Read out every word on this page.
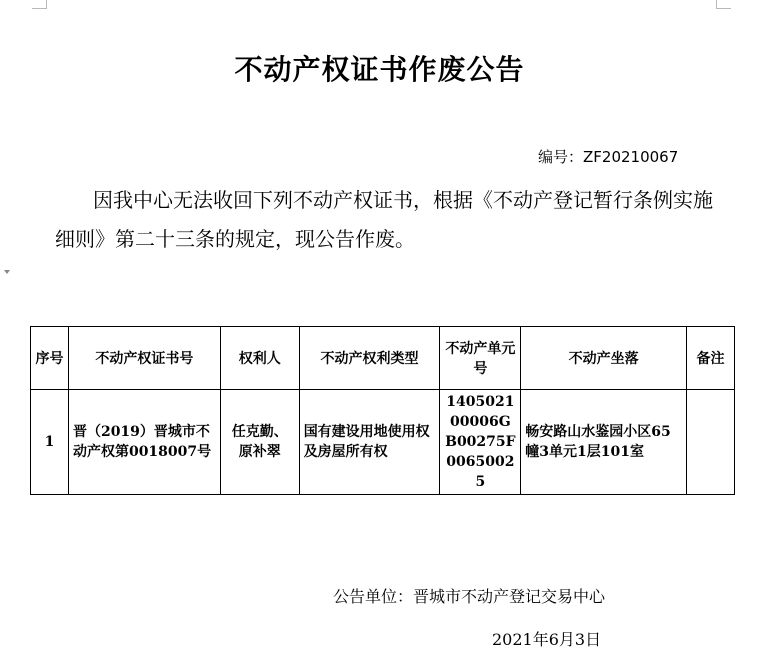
不动产权证书作废公告
编号：ZF20210067
因我中心无法收回下列不动产权证书，根据《不动产登记暂行条例实施细则》第二十三条的规定，现公告作废。
序号	不动产权证书号	权利人	不动产权利类型	不动产单元号	不动产坐落	备注
1	晋（2019）晋城市不动产权第0018007号	任克勤、原补翠	国有建设用地使用权及房屋所有权	140502100006GB00275F00650025	畅安路山水鉴园小区65幢3单元1层101室	
公告单位：晋城市不动产登记交易中心
2021年6月3日
